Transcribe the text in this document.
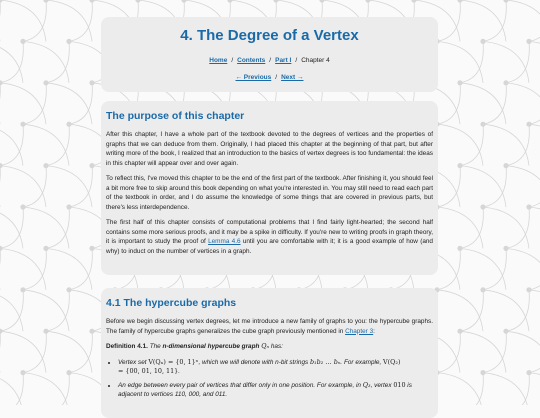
4. The Degree of a Vertex
Home / Contents / Part I / Chapter 4
← Previous / Next →
The purpose of this chapter

After this chapter, I have a whole part of the textbook devoted to the degrees of vertices and the properties of graphs that we can deduce from them. Originally, I had placed this chapter at the beginning of that part, but after writing more of the book, I realized that an introduction to the basics of vertex degrees is too fundamental: the ideas in this chapter will appear over and over again.

To reflect this, I've moved this chapter to be the end of the first part of the textbook. After finishing it, you should feel a bit more free to skip around this book depending on what you're interested in. You may still need to read each part of the textbook in order, and I do assume the knowledge of some things that are covered in previous parts, but there's less interdependence.

The first half of this chapter consists of computational problems that I find fairly light-hearted; the second half contains some more serious proofs, and it may be a spike in difficulty. If you're new to writing proofs in graph theory, it is important to study the proof of Lemma 4.6 until you are comfortable with it; it is a good example of how (and why) to induct on the number of vertices in a graph.

4.1 The hypercube graphs

Before we begin discussing vertex degrees, let me introduce a new family of graphs to you: the hypercube graphs. The family of hypercube graphs generalizes the cube graph previously mentioned in Chapter 3:

Definition 4.1. The n-dimensional hypercube graph Qₙ has:

• Vertex set V(Qₙ) = {0, 1}ⁿ, which we will denote with n-bit strings b₁b₂ … bₙ. For example, V(Q₂)
= {00, 01, 10, 11}.
• An edge between every pair of vertices that differ only in one position. For example, in Q₃, vertex 010 is adjacent to vertices 110, 000, and 011.
